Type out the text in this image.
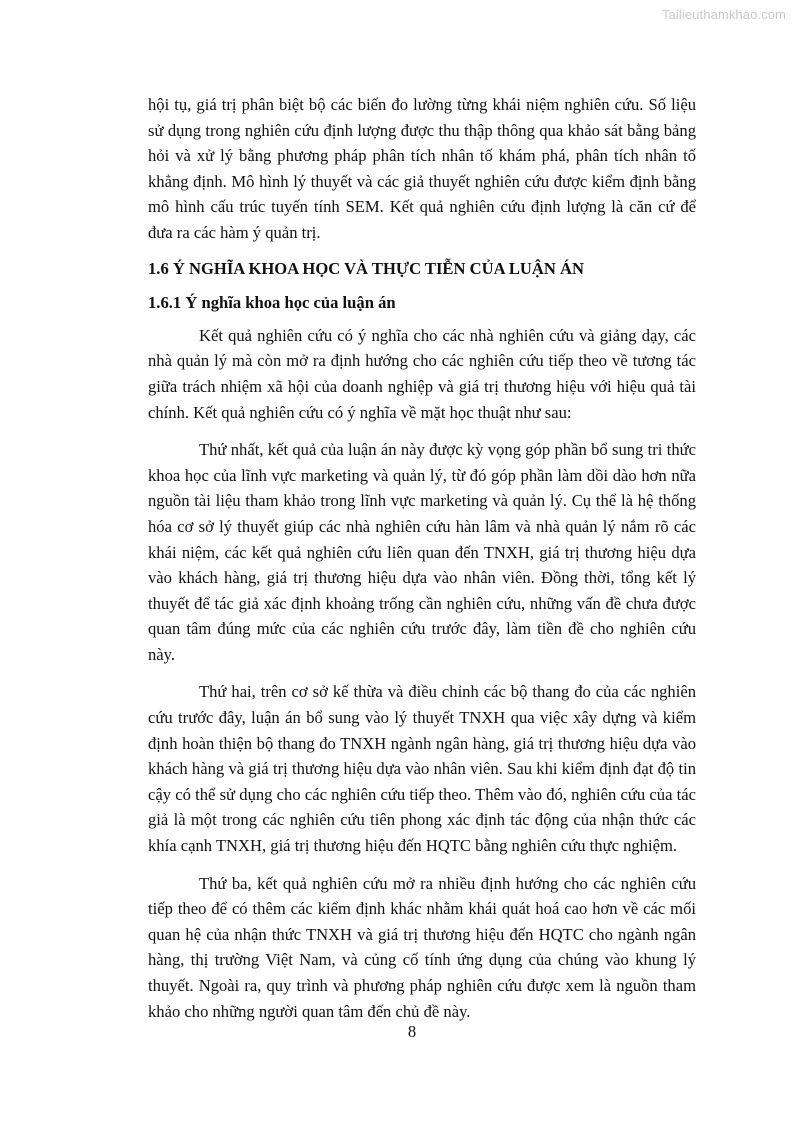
Tailieuthamkhao.com

hội tụ, giá trị phân biệt bộ các biến đo lường từng khái niệm nghiên cứu. Số liệu sử dụng trong nghiên cứu định lượng được thu thập thông qua khảo sát bằng bảng hỏi và xử lý bằng phương pháp phân tích nhân tố khám phá, phân tích nhân tố khẳng định. Mô hình lý thuyết và các giả thuyết nghiên cứu được kiểm định bằng mô hình cấu trúc tuyến tính SEM. Kết quả nghiên cứu định lượng là căn cứ để đưa ra các hàm ý quản trị.

1.6 Ý NGHĨA KHOA HỌC VÀ THỰC TIỄN CỦA LUẬN ÁN
1.6.1 Ý nghĩa khoa học của luận án

Kết quả nghiên cứu có ý nghĩa cho các nhà nghiên cứu và giảng dạy, các nhà quản lý mà còn mở ra định hướng cho các nghiên cứu tiếp theo về tương tác giữa trách nhiệm xã hội của doanh nghiệp và giá trị thương hiệu với hiệu quả tài chính. Kết quả nghiên cứu có ý nghĩa về mặt học thuật như sau:

Thứ nhất, kết quả của luận án này được kỳ vọng góp phần bổ sung tri thức khoa học của lĩnh vực marketing và quản lý, từ đó góp phần làm dồi dào hơn nữa nguồn tài liệu tham khảo trong lĩnh vực marketing và quản lý. Cụ thể là hệ thống hóa cơ sở lý thuyết giúp các nhà nghiên cứu hàn lâm và nhà quản lý nắm rõ các khái niệm, các kết quả nghiên cứu liên quan đến TNXH, giá trị thương hiệu dựa vào khách hàng, giá trị thương hiệu dựa vào nhân viên. Đồng thời, tổng kết lý thuyết để tác giả xác định khoảng trống cần nghiên cứu, những vấn đề chưa được quan tâm đúng mức của các nghiên cứu trước đây, làm tiền đề cho nghiên cứu này.

Thứ hai, trên cơ sở kế thừa và điều chỉnh các bộ thang đo của các nghiên cứu trước đây, luận án bổ sung vào lý thuyết TNXH qua việc xây dựng và kiểm định hoàn thiện bộ thang đo TNXH ngành ngân hàng, giá trị thương hiệu dựa vào khách hàng và giá trị thương hiệu dựa vào nhân viên. Sau khi kiểm định đạt độ tin cậy có thể sử dụng cho các nghiên cứu tiếp theo. Thêm vào đó, nghiên cứu của tác giả là một trong các nghiên cứu tiên phong xác định tác động của nhận thức các khía cạnh TNXH, giá trị thương hiệu đến HQTC bằng nghiên cứu thực nghiệm.

Thứ ba, kết quả nghiên cứu mở ra nhiều định hướng cho các nghiên cứu tiếp theo để có thêm các kiểm định khác nhằm khái quát hoá cao hơn về các mối quan hệ của nhận thức TNXH và giá trị thương hiệu đến HQTC cho ngành ngân hàng, thị trường Việt Nam, và củng cố tính ứng dụng của chúng vào khung lý thuyết. Ngoài ra, quy trình và phương pháp nghiên cứu được xem là nguồn tham khảo cho những người quan tâm đến chủ đề này.

8
